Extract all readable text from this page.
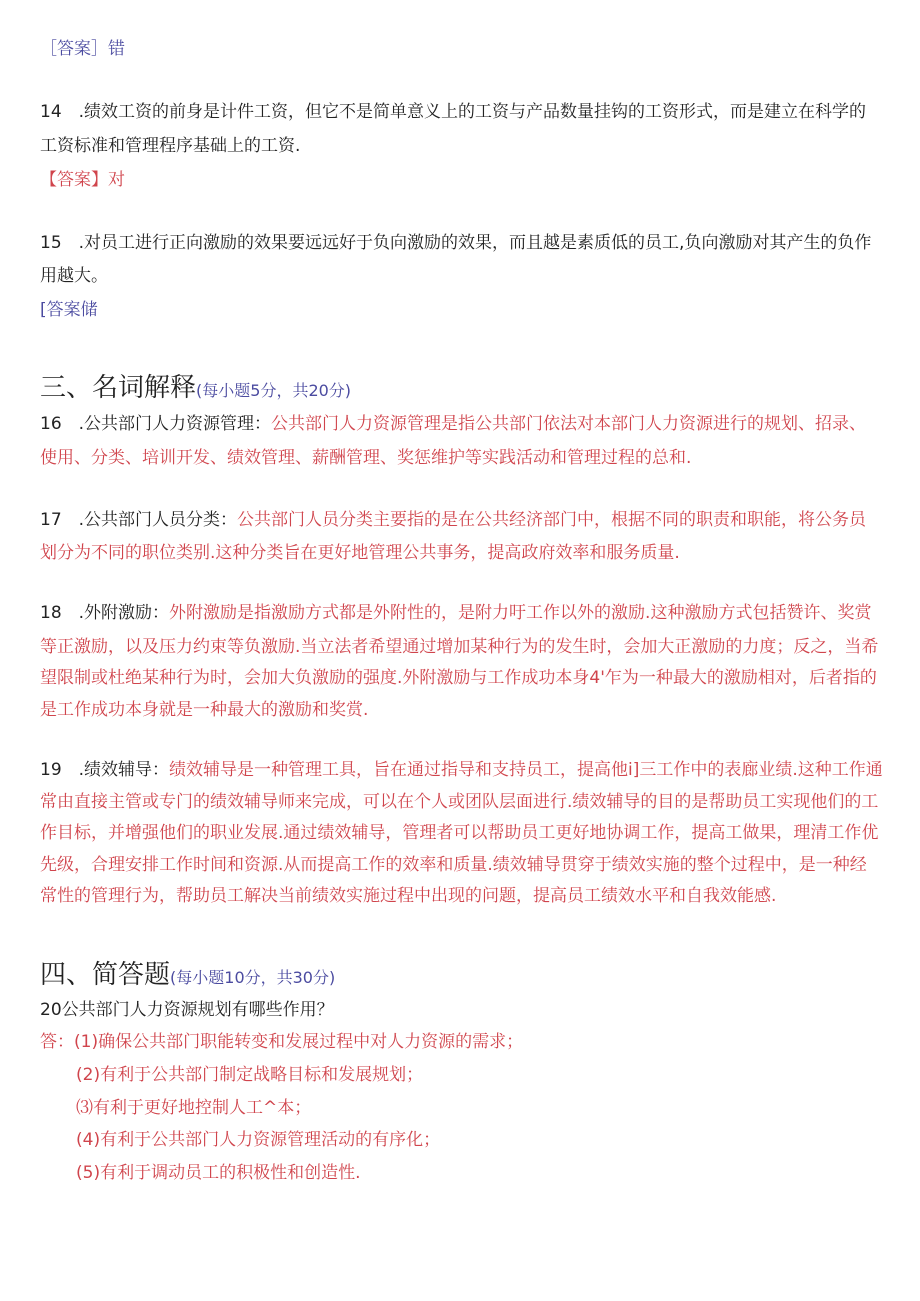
［答案］错
14　.绩效工资的前身是计件工资，但它不是简单意义上的工资与产品数量挂钩的工资形式，而是建立在科学的
工资标准和管理程序基础上的工资.
【答案】对
15　.对员工进行正向激励的效果要远远好于负向激励的效果，而且越是素质低的员工,负向激励对其产生的负作
用越大。
[答案储
三、名词解释(每小题5分，共20分)
16　.公共部门人力资源管理：公共部门人力资源管理是指公共部门依法对本部门人力资源进行的规划、招录、
使用、分类、培训开发、绩效管理、薪酬管理、奖惩维护等实践活动和管理过程的总和.
17　.公共部门人员分类：公共部门人员分类主要指的是在公共经济部门中，根据不同的职责和职能，将公务员
划分为不同的职位类别.这种分类旨在更好地管理公共事务，提高政府效率和服务质量.
18　.外附激励：外附激励是指激励方式都是外附性的，是附力吁工作以外的激励.这种激励方式包括赞许、奖赏
等正激励，以及压力约束等负激励.当立法者希望通过增加某种行为的发生时，会加大正激励的力度；反之，当希
望限制或杜绝某种行为时，会加大负激励的强度.外附激励与工作成功本身4'乍为一种最大的激励相对，后者指的
是工作成功本身就是一种最大的激励和奖赏.
19　.绩效辅导：绩效辅导是一种管理工具，旨在通过指导和支持员工，提高他i]三工作中的表廊业绩.这种工作通
常由直接主管或专门的绩效辅导师来完成，可以在个人或团队层面进行.绩效辅导的目的是帮助员工实现他们的工
作目标，并增强他们的职业发展.通过绩效辅导，管理者可以帮助员工更好地协调工作，提高工做果，理清工作优
先级，合理安排工作时间和资源.从而提高工作的效率和质量.绩效辅导贯穿于绩效实施的整个过程中，是一种经
常性的管理行为，帮助员工解决当前绩效实施过程中出现的问题，提高员工绩效水平和自我效能感.
四、简答题(每小题10分，共30分)
20公共部门人力资源规划有哪些作用？
答：(1)确保公共部门职能转变和发展过程中对人力资源的需求；
(2)有利于公共部门制定战略目标和发展规划；
⑶有利于更好地控制人工^本；
(4)有利于公共部门人力资源管理活动的有序化；
(5)有利于调动员工的积极性和创造性.
